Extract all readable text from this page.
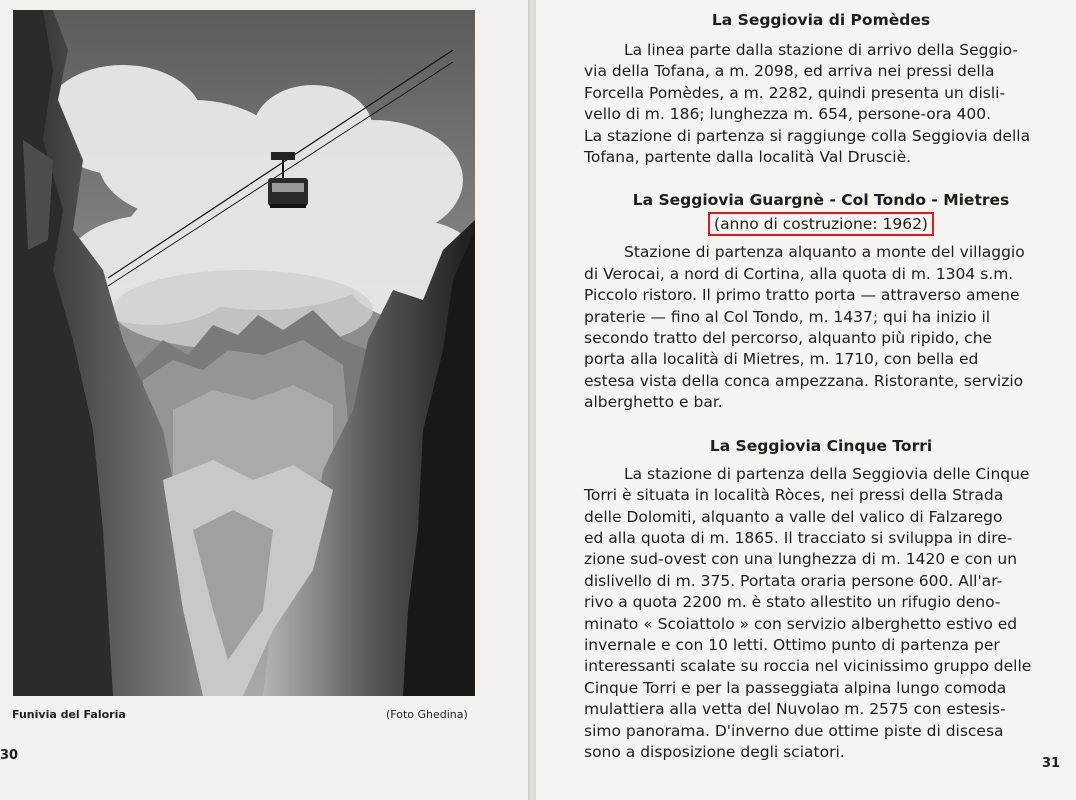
Funivia del Faloria	(Foto Ghedina)
30
La Seggiovia di Pomèdes

La linea parte dalla stazione di arrivo della Seggio-

via della Tofana, a m. 2098, ed arriva nei pressi della

Forcella Pomèdes, a m. 2282, quindi presenta un disli-

vello di m. 186; lunghezza m. 654, persone-ora 400.

La stazione di partenza si raggiunge colla Seggiovia della

Tofana, partente dalla località Val Drusciè.

La Seggiovia Guargnè - Col Tondo - Mietres

(anno di costruzione: 1962)

Stazione di partenza alquanto a monte del villaggio

di Verocai, a nord di Cortina, alla quota di m. 1304 s.m.

Piccolo ristoro. Il primo tratto porta — attraverso amene

praterie — fino al Col Tondo, m. 1437; qui ha inizio il

secondo tratto del percorso, alquanto più ripido, che

porta alla località di Mietres, m. 1710, con bella ed

estesa vista della conca ampezzana. Ristorante, servizio

alberghetto e bar.

La Seggiovia Cinque Torri

La stazione di partenza della Seggiovia delle Cinque

Torri è situata in località Ròces, nei pressi della Strada

delle Dolomiti, alquanto a valle del valico di Falzarego

ed alla quota di m. 1865. Il tracciato si sviluppa in dire-

zione sud-ovest con una lunghezza di m. 1420 e con un

dislivello di m. 375. Portata oraria persone 600. All'ar-

rivo a quota 2200 m. è stato allestito un rifugio deno-

minato « Scoiattolo » con servizio alberghetto estivo ed

invernale e con 10 letti. Ottimo punto di partenza per

interessanti scalate su roccia nel vicinissimo gruppo delle

Cinque Torri e per la passeggiata alpina lungo comoda

mulattiera alla vetta del Nuvolao m. 2575 con estesis-

simo panorama. D'inverno due ottime piste di discesa

sono a disposizione degli sciatori.

31
